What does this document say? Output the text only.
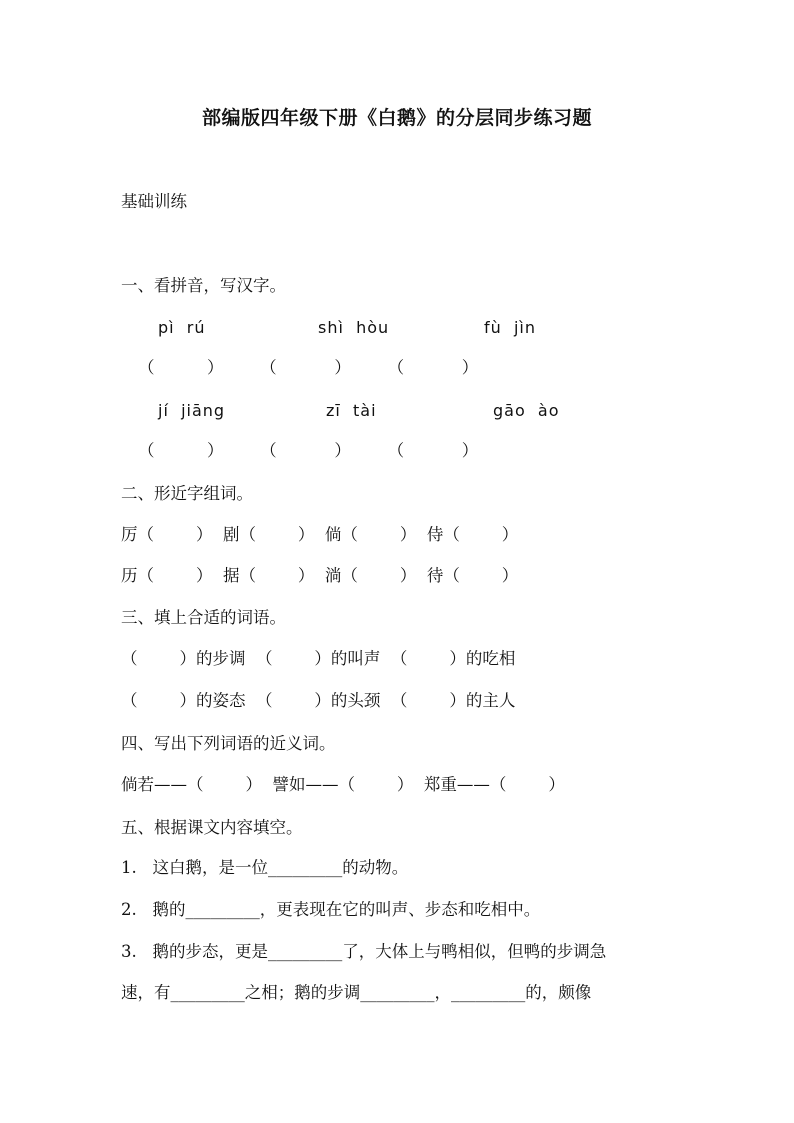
部编版四年级下册《白鹅》的分层同步练习题
基础训练
一、看拼音，写汉字。
pì  rú	shì  hòu	fù  jìn
（          ）       （           ）       （           ）
jí  jiāng	zī  tài	gāo  ào
（          ）       （           ）       （           ）
二、形近字组词。
厉（        ）  剧（        ）  倘（        ）  侍（        ）
历（        ）  据（        ）  淌（        ）  待（        ）
三、填上合适的词语。
（        ）的步调  （        ）的叫声  （        ）的吃相
（        ）的姿态  （        ）的头颈  （        ）的主人
四、写出下列词语的近义词。
倘若——（        ）  譬如——（        ）  郑重——（        ）
五、根据课文内容填空。
1.   这白鹅，是一位_________的动物。
2.   鹅的_________，更表现在它的叫声、步态和吃相中。
3.   鹅的步态，更是_________了，大体上与鸭相似，但鸭的步调急
速，有_________之相；鹅的步调_________，_________的，颇像
